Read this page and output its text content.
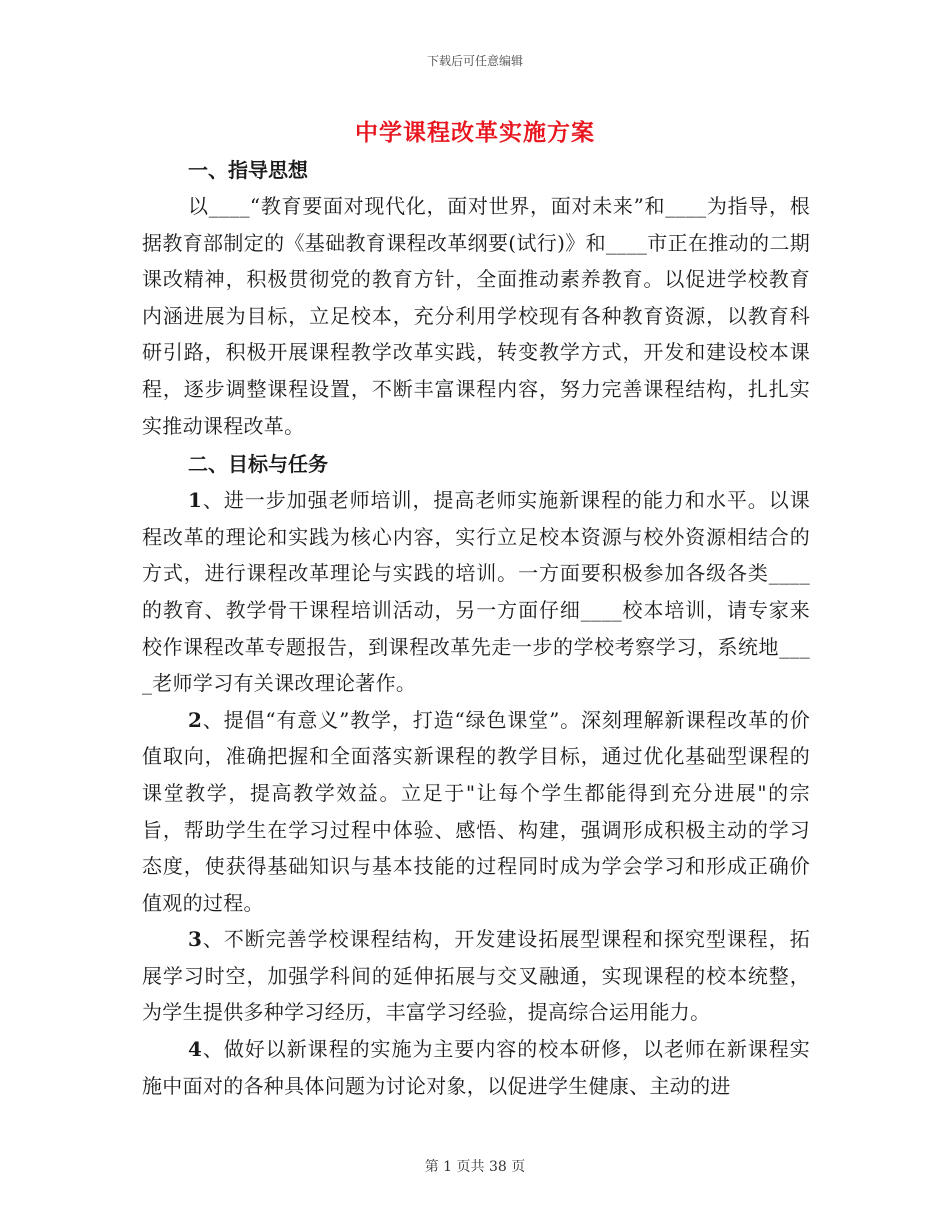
下载后可任意编辑
中学课程改革实施方案
一、指导思想

以____“教育要面对现代化，面对世界，面对未来”和____为指导，根据教育部制定的《基础教育课程改革纲要(试行)》和____市正在推动的二期课改精神，积极贯彻党的教育方针，全面推动素养教育。以促进学校教育内涵进展为目标，立足校本，充分利用学校现有各种教育资源，以教育科研引路，积极开展课程教学改革实践，转变教学方式，开发和建设校本课程，逐步调整课程设置，不断丰富课程内容，努力完善课程结构，扎扎实实推动课程改革。

二、目标与任务

1、进一步加强老师培训，提高老师实施新课程的能力和水平。以课程改革的理论和实践为核心内容，实行立足校本资源与校外资源相结合的方式，进行课程改革理论与实践的培训。一方面要积极参加各级各类____的教育、教学骨干课程培训活动，另一方面仔细____校本培训，请专家来校作课程改革专题报告，到课程改革先走一步的学校考察学习，系统地____老师学习有关课改理论著作。

2、提倡“有意义”教学，打造“绿色课堂”。深刻理解新课程改革的价值取向，准确把握和全面落实新课程的教学目标，通过优化基础型课程的课堂教学，提高教学效益。立足于"让每个学生都能得到充分进展"的宗旨，帮助学生在学习过程中体验、感悟、构建，强调形成积极主动的学习态度，使获得基础知识与基本技能的过程同时成为学会学习和形成正确价值观的过程。

3、不断完善学校课程结构，开发建设拓展型课程和探究型课程，拓展学习时空，加强学科间的延伸拓展与交叉融通，实现课程的校本统整，为学生提供多种学习经历，丰富学习经验，提高综合运用能力。

4、做好以新课程的实施为主要内容的校本研修，以老师在新课程实施中面对的各种具体问题为讨论对象，以促进学生健康、主动的进

第 1 页共 38 页
